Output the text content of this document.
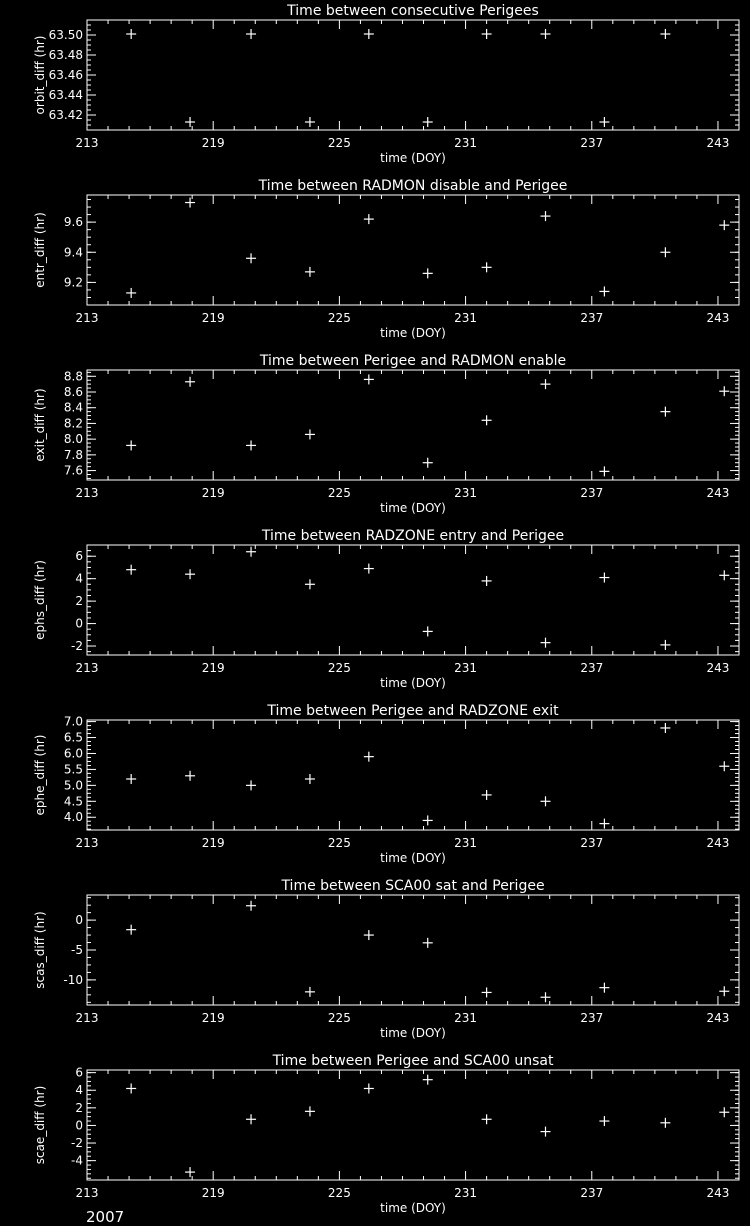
Time between consecutive Perigees
213	219	225	231	237	243
time (DOY)
63.42
63.44
63.46
63.48
63.50
orbit_diff (hr)
Time between RADMON disable and Perigee
213	219	225	231	237	243
time (DOY)
9.2
9.4
9.6
entr_diff (hr)
Time between Perigee and RADMON enable
213	219	225	231	237	243
time (DOY)
7.6
7.8
8.0
8.2
8.4
8.6
8.8
exit_diff (hr)
Time between RADZONE entry and Perigee
213	219	225	231	237	243
time (DOY)
-2
0
2
4
6
ephs_diff (hr)
Time between Perigee and RADZONE exit
213	219	225	231	237	243
time (DOY)
4.0
4.5
5.0
5.5
6.0
6.5
7.0
ephe_diff (hr)
Time between SCA00 sat and Perigee
213	219	225	231	237	243
time (DOY)
-10
-5
0
scas_diff (hr)
Time between Perigee and SCA00 unsat
213	219	225	231	237	243
time (DOY)
-4
-2
0
2
4
6
scae_diff (hr)
2007
